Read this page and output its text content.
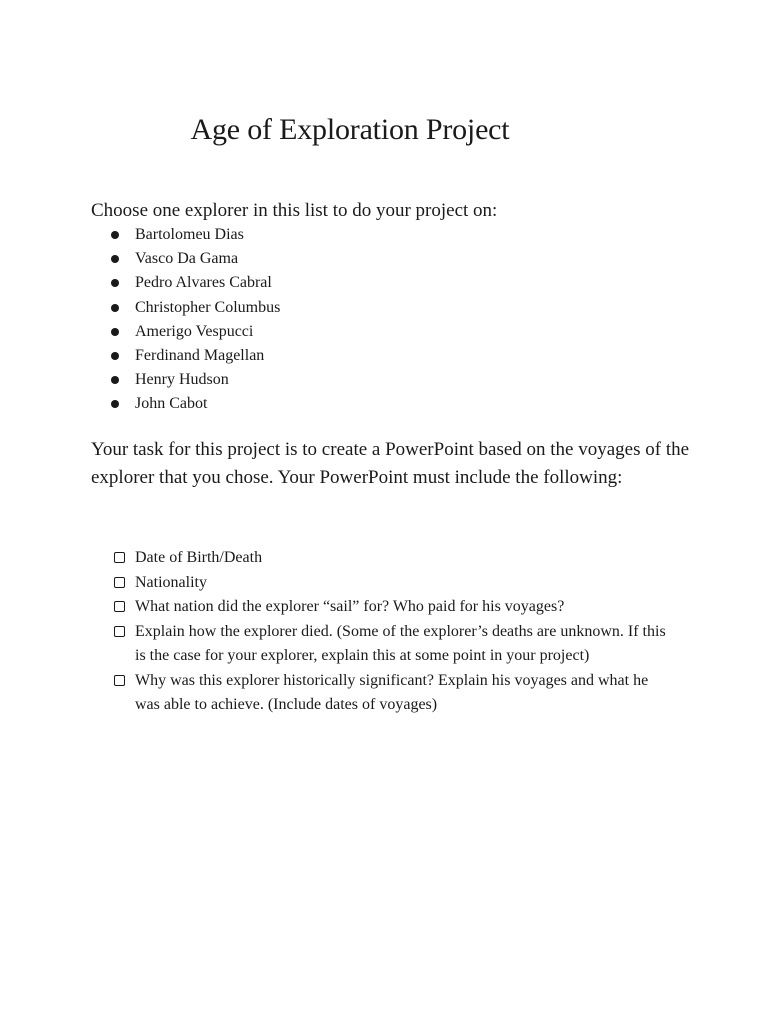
Age of Exploration Project

Choose one explorer in this list to do your project on:

Bartolomeu Dias
Vasco Da Gama
Pedro Alvares Cabral
Christopher Columbus
Amerigo Vespucci
Ferdinand Magellan
Henry Hudson
John Cabot

Your task for this project is to create a PowerPoint based on the voyages of the explorer that you chose. Your PowerPoint must include the following:

Date of Birth/Death
Nationality
What nation did the explorer “sail” for? Who paid for his voyages?
Explain how the explorer died. (Some of the explorer’s deaths are unknown. If this is the case for your explorer, explain this at some point in your project)
Why was this explorer historically significant? Explain his voyages and what he was able to achieve. (Include dates of voyages)
